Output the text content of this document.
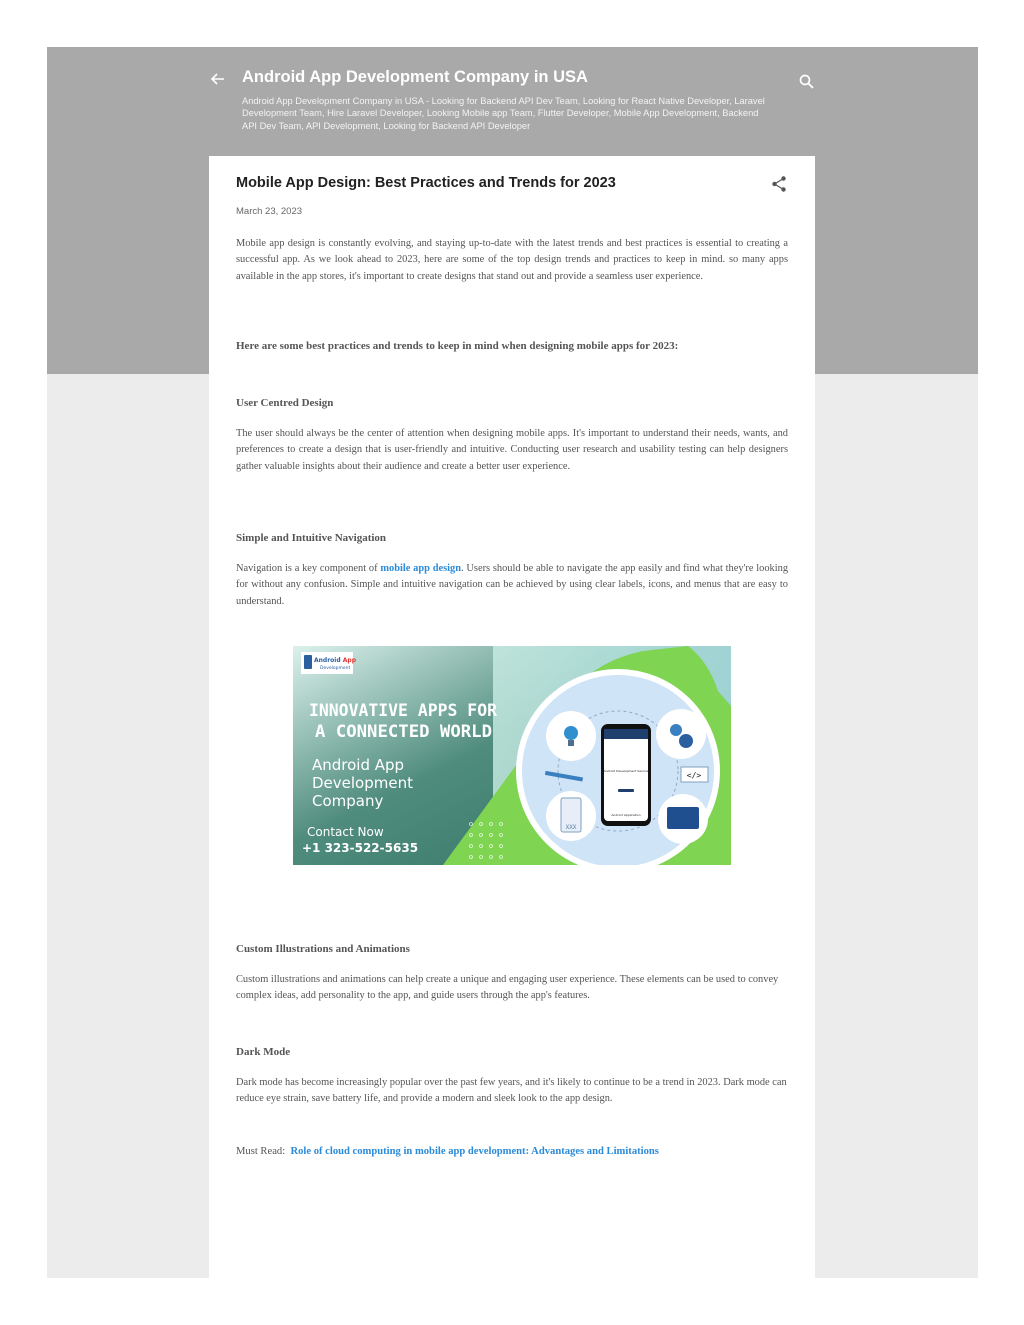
Android App Development Company in USA

Android App Development Company in USA - Looking for Backend API Dev Team, Looking for React Native Developer, Laravel Development Team, Hire Laravel Developer, Looking Mobile app Team, Flutter Developer, Mobile App Development, Backend API Dev Team, API Development, Looking for Backend API Developer

Mobile App Design: Best Practices and Trends for 2023

March 23, 2023

Mobile app design is constantly evolving, and staying up-to-date with the latest trends and best practices is essential to creating a successful app. As we look ahead to 2023, here are some of the top design trends and practices to keep in mind. so many apps available in the app stores, it's important to create designs that stand out and provide a seamless user experience.

Here are some best practices and trends to keep in mind when designing mobile apps for 2023:

User Centred Design

The user should always be the center of attention when designing mobile apps. It's important to understand their needs, wants, and preferences to create a design that is user-friendly and intuitive. Conducting user research and usability testing can help designers gather valuable insights about their audience and create a better user experience.

Simple and Intuitive Navigation

Navigation is a key component of mobile app design. Users should be able to navigate the app easily and find what they're looking for without any confusion. Simple and intuitive navigation can be achieved by using clear labels, icons, and menus that are easy to understand.

XXX
</>
Android Development Service
Android Application
Android App
Development
INNOVATIVE APPS FOR
A CONNECTED WORLD
Android App
Development
Company
Contact Now
+1 323-522-5635

Custom Illustrations and Animations

Custom illustrations and animations can help create a unique and engaging user experience. These elements can be used to convey complex ideas, add personality to the app, and guide users through the app's features.

Dark Mode

Dark mode has become increasingly popular over the past few years, and it's likely to continue to be a trend in 2023. Dark mode can reduce eye strain, save battery life, and provide a modern and sleek look to the app design.

Must Read: Role of cloud computing in mobile app development: Advantages and Limitations
